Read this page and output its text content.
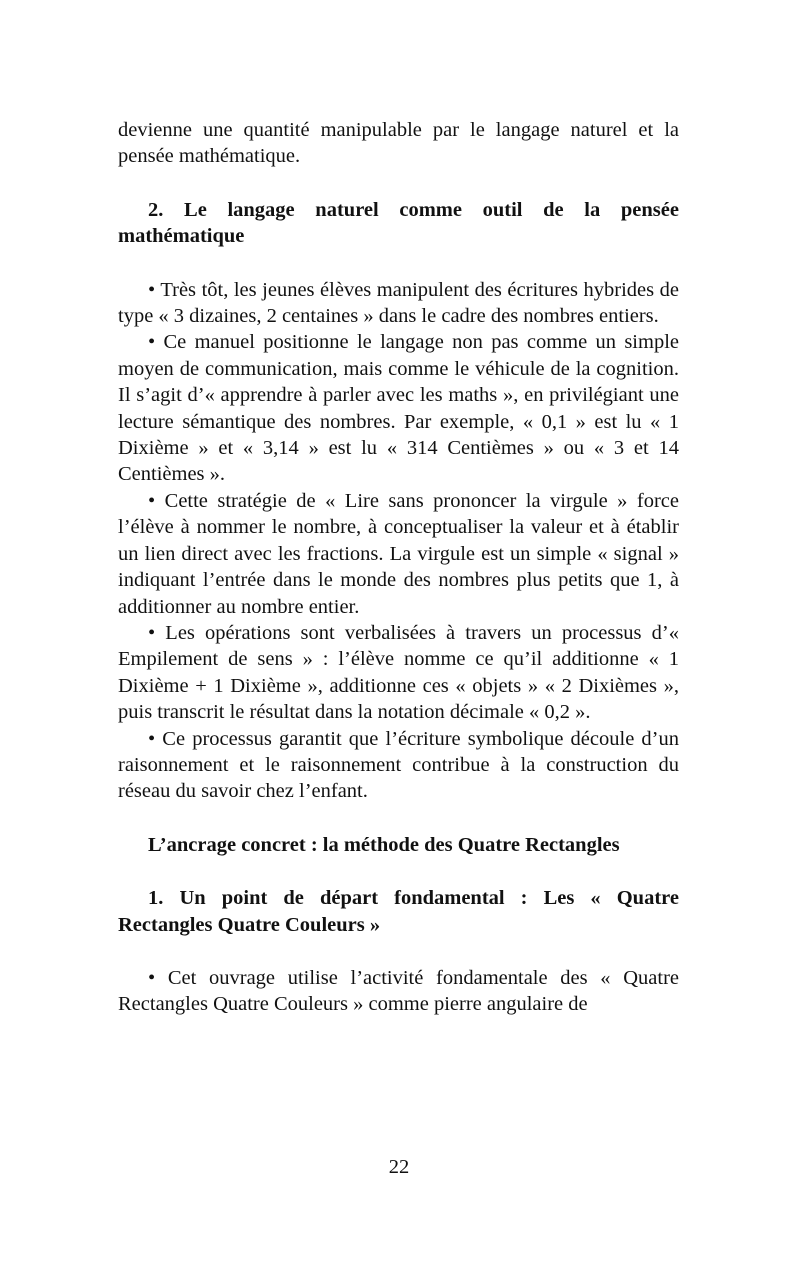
devienne une quantité manipulable par le langage naturel et la pensée mathématique.

2. Le langage naturel comme outil de la pensée mathématique

• Très tôt, les jeunes élèves manipulent des écritures hybrides de type « 3 dizaines, 2 centaines » dans le cadre des nombres entiers.

• Ce manuel positionne le langage non pas comme un simple moyen de communication, mais comme le véhicule de la cognition. Il s’agit d’« apprendre à parler avec les maths », en privilégiant une lecture sémantique des nombres. Par exemple, « 0,1 » est lu « 1 Dixième » et « 3,14 » est lu « 314 Centièmes » ou « 3 et 14 Centièmes ».

• Cette stratégie de « Lire sans prononcer la virgule » force l’élève à nommer le nombre, à conceptualiser la valeur et à établir un lien direct avec les fractions. La virgule est un simple « signal » indiquant l’entrée dans le monde des nombres plus petits que 1, à additionner au nombre entier.

• Les opérations sont verbalisées à travers un processus d’« Empilement de sens » : l’élève nomme ce qu’il additionne « 1 Dixième + 1 Dixième », additionne ces « objets » « 2 Dixièmes », puis transcrit le résultat dans la notation décimale « 0,2 ».

• Ce processus garantit que l’écriture symbolique découle d’un raisonnement et le raisonnement contribue à la construction du réseau du savoir chez l’enfant.

L’ancrage concret : la méthode des Quatre Rectangles
1. Un point de départ fondamental : Les « Quatre Rectangles Quatre Couleurs »

• Cet ouvrage utilise l’activité fondamentale des « Quatre Rectangles Quatre Couleurs » comme pierre angulaire de

22
